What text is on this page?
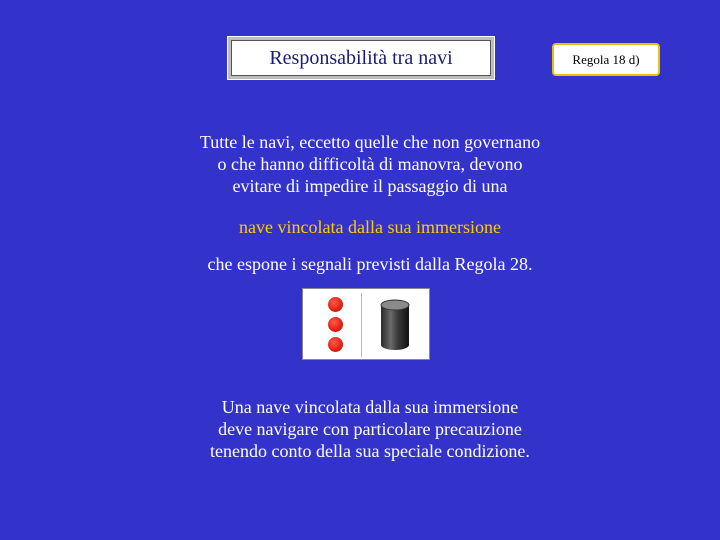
Responsabilità tra navi	Regola 18 d)
Tutte le navi, eccetto quelle che non governano
o che hanno difficoltà di manovra, devono
evitare di impedire il passaggio di una
nave vincolata dalla sua immersione
che espone i segnali previsti dalla Regola 28.
Una nave vincolata dalla sua immersione
deve navigare con particolare precauzione
tenendo conto della sua speciale condizione.
